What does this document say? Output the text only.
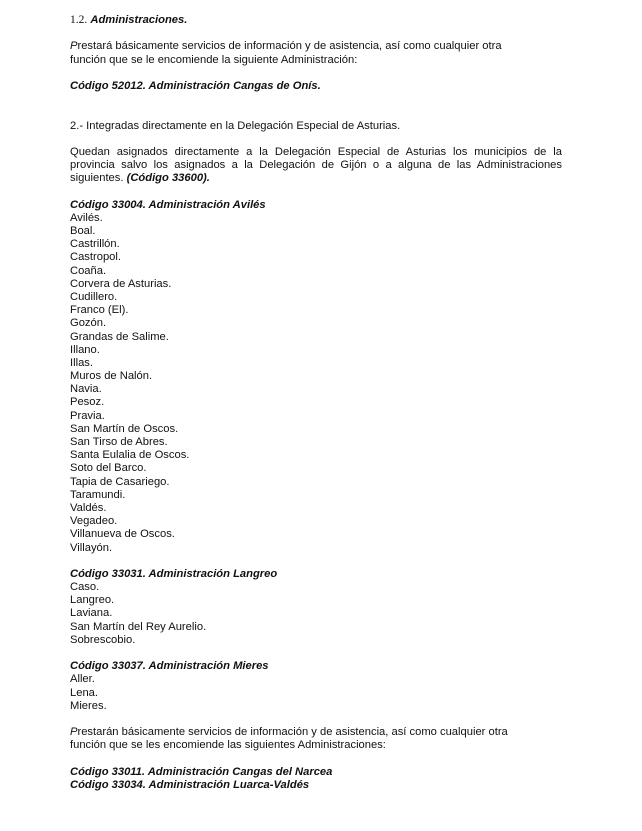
1.2. Administraciones.
Prestará básicamente servicios de información y de asistencia, así como cualquier otra
función que se le encomiende la siguiente Administración:
Código 52012. Administración Cangas de Onís.
2.- Integradas directamente en la Delegación Especial de Asturias.
Quedan asignados directamente a la Delegación Especial de Asturias los municipios de la
provincia salvo los asignados a la Delegación de Gijón o a alguna de las Administraciones
siguientes. (Código 33600).
Código 33004. Administración Avilés
Avilés.
Boal.
Castrillón.
Castropol.
Coaña.
Corvera de Asturias.
Cudillero.
Franco (El).
Gozón.
Grandas de Salime.
Illano.
Illas.
Muros de Nalón.
Navia.
Pesoz.
Pravia.
San Martín de Oscos.
San Tirso de Abres.
Santa Eulalia de Oscos.
Soto del Barco.
Tapia de Casariego.
Taramundi.
Valdés.
Vegadeo.
Villanueva de Oscos.
Villayón.
Código 33031. Administración Langreo
Caso.
Langreo.
Laviana.
San Martín del Rey Aurelio.
Sobrescobio.
Código 33037. Administración Mieres
Aller.
Lena.
Mieres.
Prestarán básicamente servicios de información y de asistencia, así como cualquier otra
función que se les encomiende las siguientes Administraciones:
Código 33011. Administración Cangas del Narcea
Código 33034. Administración Luarca-Valdés
